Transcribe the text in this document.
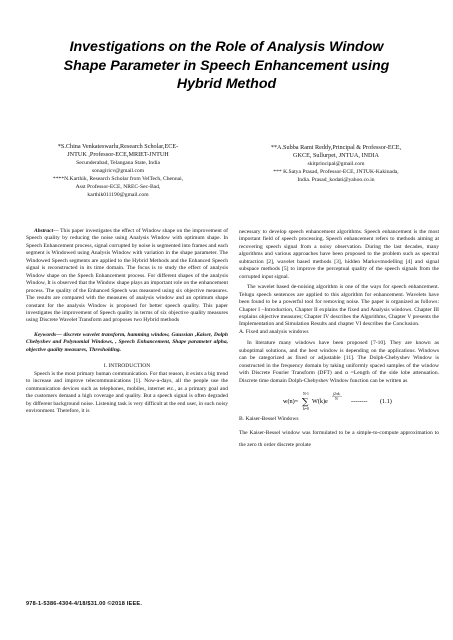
Investigations on the Role of Analysis Window
Shape Parameter in Speech Enhancement using
Hybrid Method
*S.China Venkateswarlu,Research Scholar,ECE-
JNTUK ,Professor-ECE,MRIET-JNTUH
Secunderabad, Telangana State, India
sonagiricv@gmail.com
****N.Karthik, Research Scholar from VelTech, Chennai,
Asst Professor-ECE, NREC-Sec-Bad,
karthik011190@gmail.com
**A.Subba Rami Reddy,Principal & Professor-ECE,
GKCE, Sullurpet, JNTUA, INDIA
skitprincipal@gmail.com
*** K.Satya Prasad, Professor-ECE, JNTUK-Kakinada,
India. Prasad_kodati@yahoo.co.in

Abstract— This paper investigates the effect of Window shape on the improvement of Speech quality by reducing the noise using Analysis Window with optimum shape. In Speech Enhancement process, signal corrupted by noise is segmented into frames and each segment is Windowed using Analysis Window with variation in the shape parameter. The Windowed Speech segments are applied to the Hybrid Methods and the Enhanced Speech signal is reconstructed in its time domain. The focus is to study the effect of analysis Window shape on the Speech Enhancement process. For different shapes of the analysis Window, It is observed that the Window shape plays an important role on the enhancement process. The quality of the Enhanced Speech was measured using six objective measures. The results are compared with the measures of analysis window and an optimum shape constant for the analysis Window is proposed for better speech quality. This paper investigates the improvement of Speech quality in terms of six objective quality measures using Discrete Wavelet Transform and proposes two Hybrid methods

Keywords— discrete wavelet transform, hamming window, Gaussian ,Kaiser, Dolph Chebyshev and Polynomial Windows, , Speech Enhancement, Shape parameter alpha, objective quality measures, Thresholding.

I. INTRODUCTION

Speech is the most primary human communication. For that reason, it exists a big trend to increase and improve telecommunications [1]. Now-a-days, all the people use the communication devices such as telephones, mobiles, internet etc., as a primary goal and the customers demand a high coverage and quality. But a speech signal is often degraded by different background noise. Listening task is very difficult at the end user, in such noisy environment. Therefore, it is

necessary to develop speech enhancement algorithms. Speech enhancement is the most important field of speech processing. Speech enhancement refers to methods aiming at recovering speech signal from a noisy observation. During the last decades, many algorithms and various approaches have been proposed to the problem such as spectral subtraction [2], wavelet based methods [3], hidden Markovmodelling [4] and signal subspace methods [5] to improve the perceptual quality of the speech signals from the corrupted input signal.

The wavelet based de-noising algorithm is one of the ways for speech enhancement. Telugu speech sentences are applied to this algorithm for enhancement. Wavelets have been found to be a powerful tool for removing noise. The paper is organized as follows: Chapter I –Introduction, Chapter II explains the fixed and Analysis windows. Chapter III explains objective measures; Chapter IV describes the Algorithms, Chapter V presents the Implementation and Simulation Results and chapter VI describes the Conclusion.

A. Fixed and analysis windows

In literature many windows have been proposed [7-10]. They are known as suboptimal solutions, and the best window is depending on the applications. Windows can be categorized as fixed or adjustable [11]. The Dolph-Chebyshev Window is constructed in the frequency domain by taking uniformly spaced samples of the window with Discrete Fourier Transform (DFT) and α =Length of the side lobe attenuation. Discrete time domain Dolph-Chebyshev Window function can be written as

w(n)=
N-1
∑
k=0
W(k)e
j2πk
N -------- (1.1)

B. Kaiser-Bessel Windows

The Kaiser-Bessel window was formulated to be a simple-to-compute approximation to the zero th order discrete prolate

978-1-5386-4304-4/18/$31.00 ©2018 IEEE.
